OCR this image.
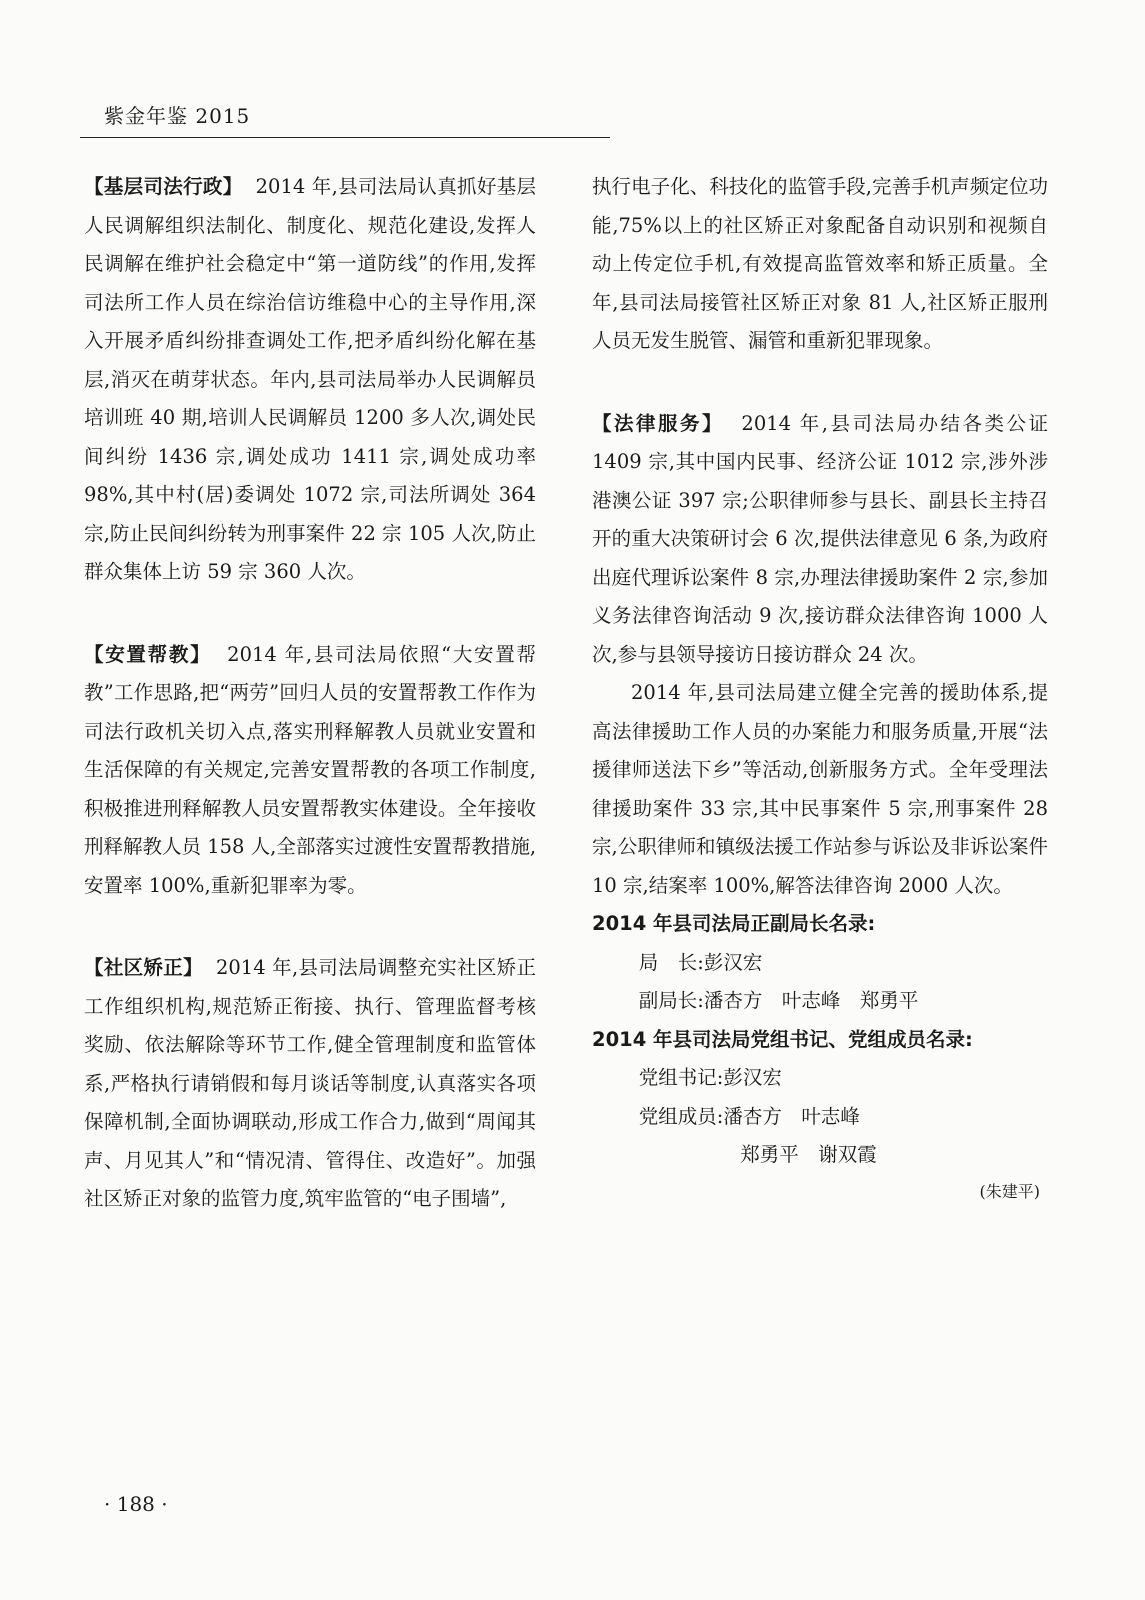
紫金年鉴 2015

【基层司法行政】 2014 年,县司法局认真抓好基层人民调解组织法制化、制度化、规范化建设,发挥人民调解在维护社会稳定中“第一道防线”的作用,发挥司法所工作人员在综治信访维稳中心的主导作用,深入开展矛盾纠纷排查调处工作,把矛盾纠纷化解在基层,消灭在萌芽状态。年内,县司法局举办人民调解员培训班 40 期,培训人民调解员 1200 多人次,调处民间纠纷 1436 宗,调处成功 1411 宗,调处成功率 98%,其中村(居)委调处 1072 宗,司法所调处 364 宗,防止民间纠纷转为刑事案件 22 宗 105 人次,防止群众集体上访 59 宗 360 人次。

【安置帮教】 2014 年,县司法局依照“大安置帮教”工作思路,把“两劳”回归人员的安置帮教工作作为司法行政机关切入点,落实刑释解教人员就业安置和生活保障的有关规定,完善安置帮教的各项工作制度,积极推进刑释解教人员安置帮教实体建设。全年接收刑释解教人员 158 人,全部落实过渡性安置帮教措施,安置率 100%,重新犯罪率为零。

【社区矫正】 2014 年,县司法局调整充实社区矫正工作组织机构,规范矫正衔接、执行、管理监督考核奖励、依法解除等环节工作,健全管理制度和监管体系,严格执行请销假和每月谈话等制度,认真落实各项保障机制,全面协调联动,形成工作合力,做到“周闻其声、月见其人”和“情况清、管得住、改造好”。加强社区矫正对象的监管力度,筑牢监管的“电子围墙”,

执行电子化、科技化的监管手段,完善手机声频定位功能,75%以上的社区矫正对象配备自动识别和视频自动上传定位手机,有效提高监管效率和矫正质量。全年,县司法局接管社区矫正对象 81 人,社区矫正服刑人员无发生脱管、漏管和重新犯罪现象。

【法律服务】 2014 年,县司法局办结各类公证 1409 宗,其中国内民事、经济公证 1012 宗,涉外涉港澳公证 397 宗;公职律师参与县长、副县长主持召开的重大决策研讨会 6 次,提供法律意见 6 条,为政府出庭代理诉讼案件 8 宗,办理法律援助案件 2 宗,参加义务法律咨询活动 9 次,接访群众法律咨询 1000 人次,参与县领导接访日接访群众 24 次。

2014 年,县司法局建立健全完善的援助体系,提高法律援助工作人员的办案能力和服务质量,开展“法援律师送法下乡”等活动,创新服务方式。全年受理法律援助案件 33 宗,其中民事案件 5 宗,刑事案件 28 宗,公职律师和镇级法援工作站参与诉讼及非诉讼案件 10 宗,结案率 100%,解答法律咨询 2000 人次。

2014 年县司法局正副局长名录:

局　长:彭汉宏

副局长:潘杏方　叶志峰　郑勇平

2014 年县司法局党组书记、党组成员名录:

党组书记:彭汉宏

党组成员:潘杏方　叶志峰

郑勇平　谢双霞

(朱建平)

· 188 ·
